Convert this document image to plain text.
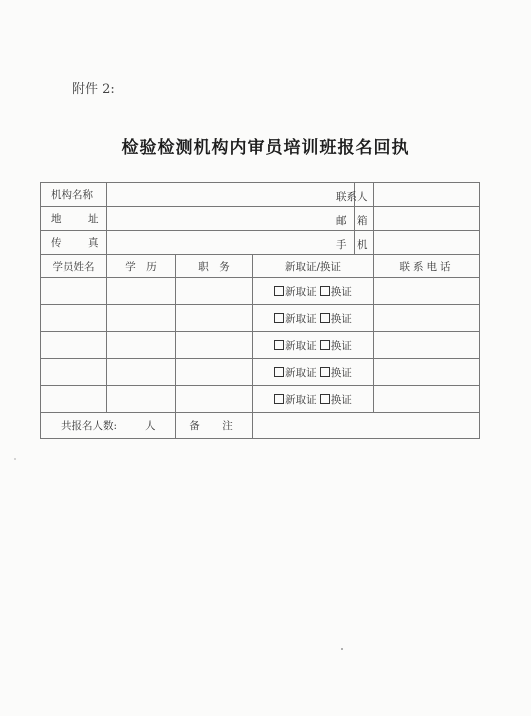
附件 2:
检验检测机构内审员培训班报名回执
机构名称					联系人

地　址					邮　箱

传　真					手　机

学员姓名	学　历	职　务	新取证/换证		联系电话
			新取证 换证		
			新取证 换证		
			新取证 换证		
			新取证 换证		
			新取证 换证		
共报名人数: 人		备　注			
